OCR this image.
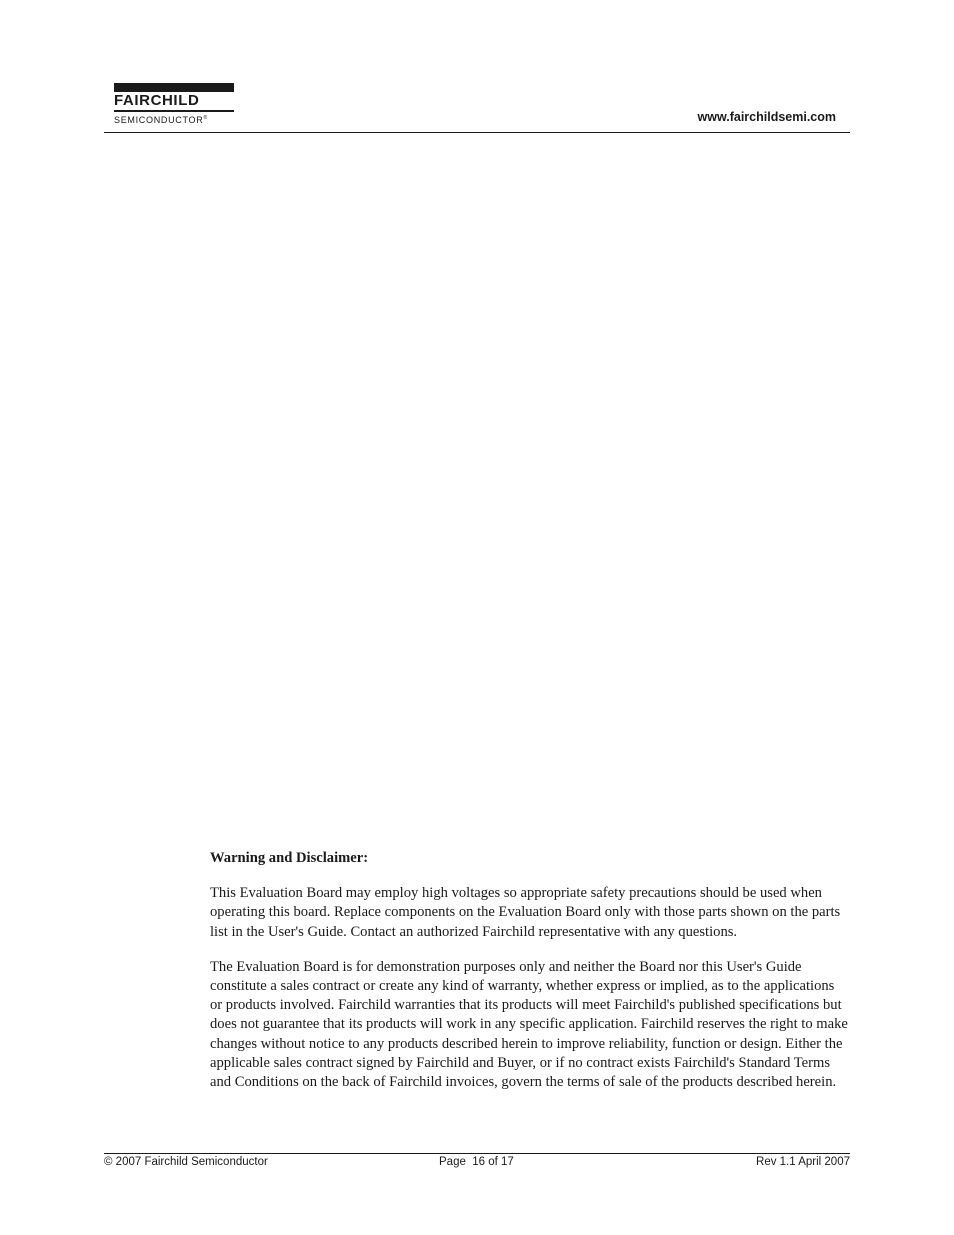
FAIRCHILD
SEMICONDUCTOR®	www.fairchildsemi.com
Warning and Disclaimer:

This Evaluation Board may employ high voltages so appropriate safety precautions should be used when operating this board. Replace components on the Evaluation Board only with those parts shown on the parts list in the User's Guide. Contact an authorized Fairchild representative with any questions.

The Evaluation Board is for demonstration purposes only and neither the Board nor this User's Guide constitute a sales contract or create any kind of warranty, whether express or implied, as to the applications or products involved. Fairchild warranties that its products will meet Fairchild's published specifications but does not guarantee that its products will work in any specific application. Fairchild reserves the right to make changes without notice to any products described herein to improve reliability, function or design. Either the applicable sales contract signed by Fairchild and Buyer, or if no contract exists Fairchild's Standard Terms and Conditions on the back of Fairchild invoices, govern the terms of sale of the products described herein.

© 2007 Fairchild Semiconductor	Page  16 of 17	Rev 1.1 April 2007
